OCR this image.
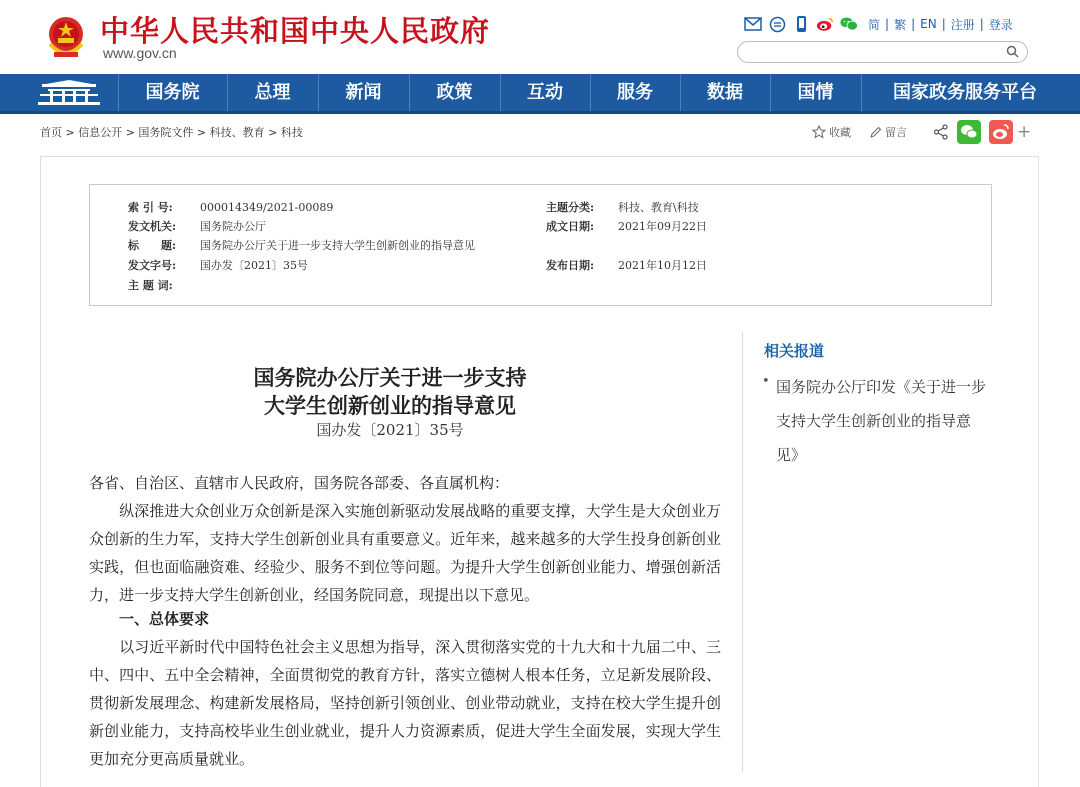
中华人民共和国中央人民政府
www.gov.cn
简 | 繁 | EN | 注册 | 登录
国务院	总理	新闻	政策	互动	服务	数据	国情	国家政务服务平台
首页 > 信息公开 > 国务院文件 > 科技、教育 > 科技	收藏	留言	+
索 引 号: 000014349/2021-00089	主题分类: 科技、教育\科技
发文机关: 国务院办公厅	成文日期: 2021年09月22日
标　　题: 国务院办公厅关于进一步支持大学生创新创业的指导意见
发文字号: 国办发〔2021〕35号	发布日期: 2021年10月12日
主 题 词:
国务院办公厅关于进一步支持
大学生创新创业的指导意见
国办发〔2021〕35号
各省、自治区、直辖市人民政府，国务院各部委、各直属机构：
　　纵深推进大众创业万众创新是深入实施创新驱动发展战略的重要支撑，大学生是大众创业万众创新的生力军，支持大学生创新创业具有重要意义。近年来，越来越多的大学生投身创新创业实践，但也面临融资难、经验少、服务不到位等问题。为提升大学生创新创业能力、增强创新活力，进一步支持大学生创新创业，经国务院同意，现提出以下意见。
　　一、总体要求
　　以习近平新时代中国特色社会主义思想为指导，深入贯彻落实党的十九大和十九届二中、三中、四中、五中全会精神，全面贯彻党的教育方针，落实立德树人根本任务，立足新发展阶段、贯彻新发展理念、构建新发展格局，坚持创新引领创业、创业带动就业，支持在校大学生提升创新创业能力，支持高校毕业生创业就业，提升人力资源素质，促进大学生全面发展，实现大学生更加充分更高质量就业。
相关报道
• 国务院办公厅印发《关于进一步支持大学生创新创业的指导意见》
